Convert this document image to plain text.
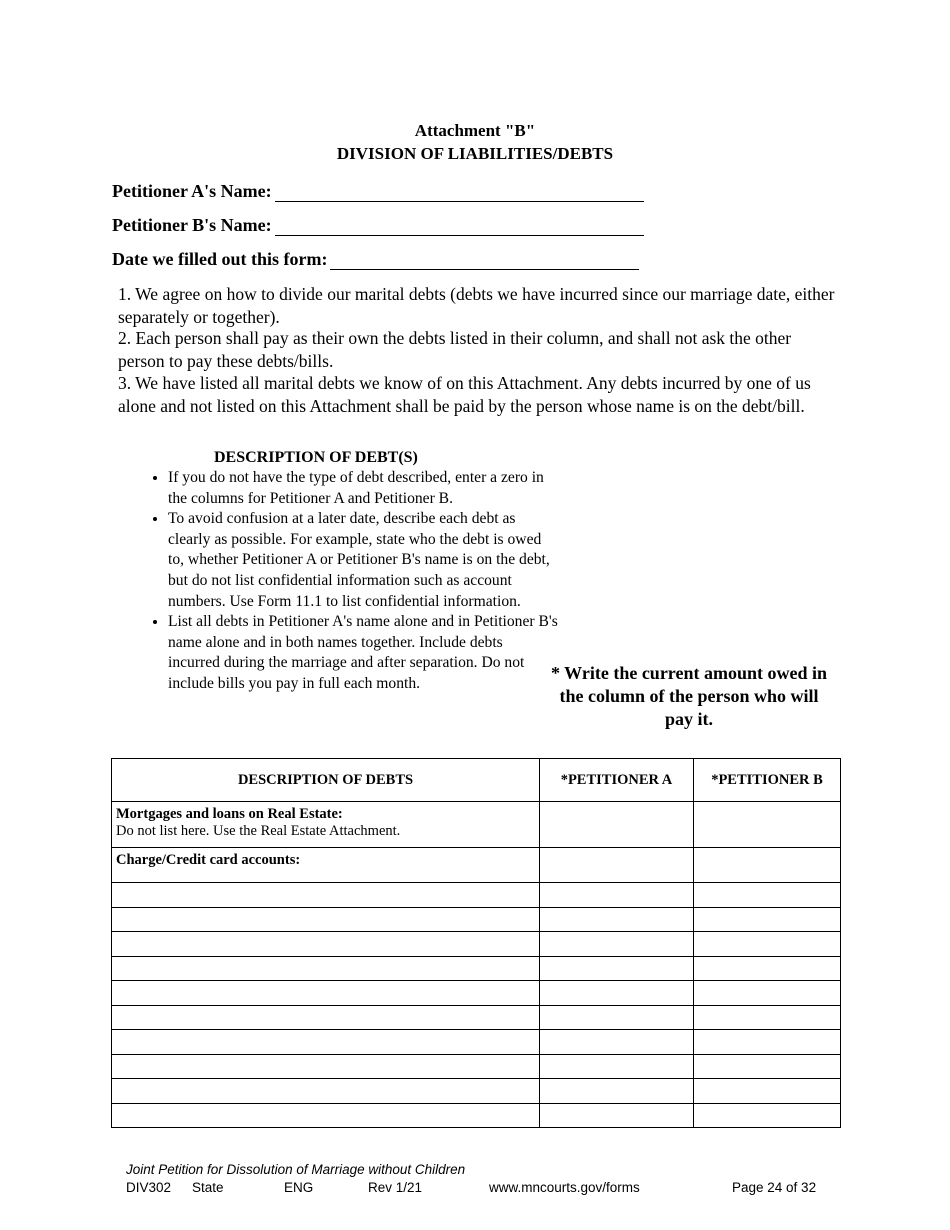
Attachment "B"
DIVISION OF LIABILITIES/DEBTS
Petitioner A's Name:
Petitioner B's Name:
Date we filled out this form:
1. We agree on how to divide our marital debts (debts we have incurred since our marriage date, either separately or together).
2. Each person shall pay as their own the debts listed in their column, and shall not ask the other person to pay these debts/bills.
3. We have listed all marital debts we know of on this Attachment. Any debts incurred by one of us alone and not listed on this Attachment shall be paid by the person whose name is on the debt/bill.
DESCRIPTION OF DEBT(S)
• If you do not have the type of debt described, enter a zero in the columns for Petitioner A and Petitioner B.
• To avoid confusion at a later date, describe each debt as clearly as possible. For example, state who the debt is owed to, whether Petitioner A or Petitioner B's name is on the debt, but do not list confidential information such as account numbers. Use Form 11.1 to list confidential information.
• List all debts in Petitioner A's name alone and in Petitioner B's name alone and in both names together. Include debts incurred during the marriage and after separation. Do not include bills you pay in full each month.
* Write the current amount owed in the column of the person who will pay it.
DESCRIPTION OF DEBTS	*PETITIONER A	*PETITIONER B

Mortgages and loans on Real Estate:
Do not list here. Use the Real Estate Attachment.		

Charge/Credit card accounts:		

Joint Petition for Dissolution of Marriage without Children
DIV302 State	ENG	Rev 1/21	www.mncourts.gov/forms	Page 24 of 32
